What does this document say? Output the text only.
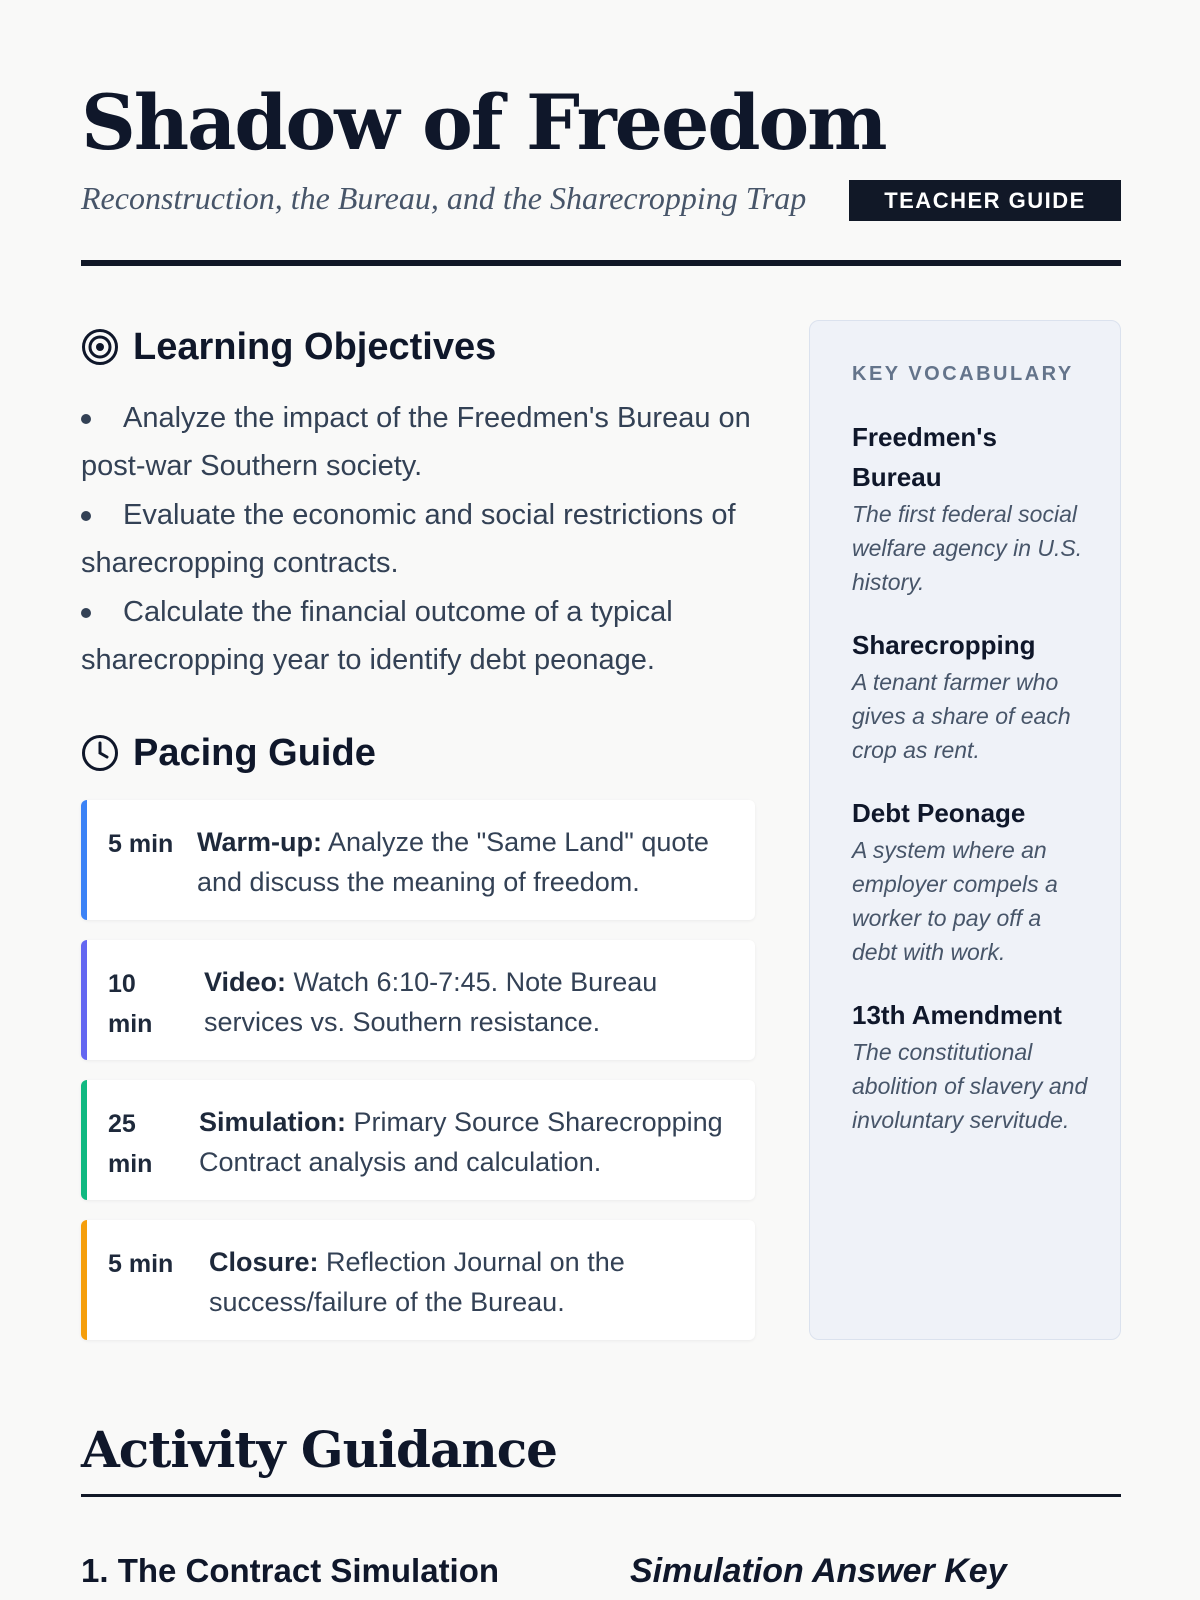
Shadow of Freedom
Reconstruction, the Bureau, and the Sharecropping Trap	TEACHER GUIDE
Learning Objectives
Analyze the impact of the Freedmen's Bureau on post-war Southern society.
Evaluate the economic and social restrictions of sharecropping contracts.
Calculate the financial outcome of a typical sharecropping year to identify debt peonage.
Pacing Guide
5 min Warm-up: Analyze the "Same Land" quote and discuss the meaning of freedom.
10 min
Video: Watch 6:10-7:45. Note Bureau services vs. Southern resistance.
25 min
Simulation: Primary Source Sharecropping Contract analysis and calculation.
5 min Closure: Reflection Journal on the success/failure of the Bureau.
KEY VOCABULARY
Freedmen's Bureau
The first federal social welfare agency in U.S. history.
Sharecropping
A tenant farmer who gives a share of each crop as rent.
Debt Peonage
A system where an employer compels a worker to pay off a debt with work.
13th Amendment
The constitutional abolition of slavery and involuntary servitude.
Activity Guidance
1. The Contract Simulation	Simulation Answer Key
